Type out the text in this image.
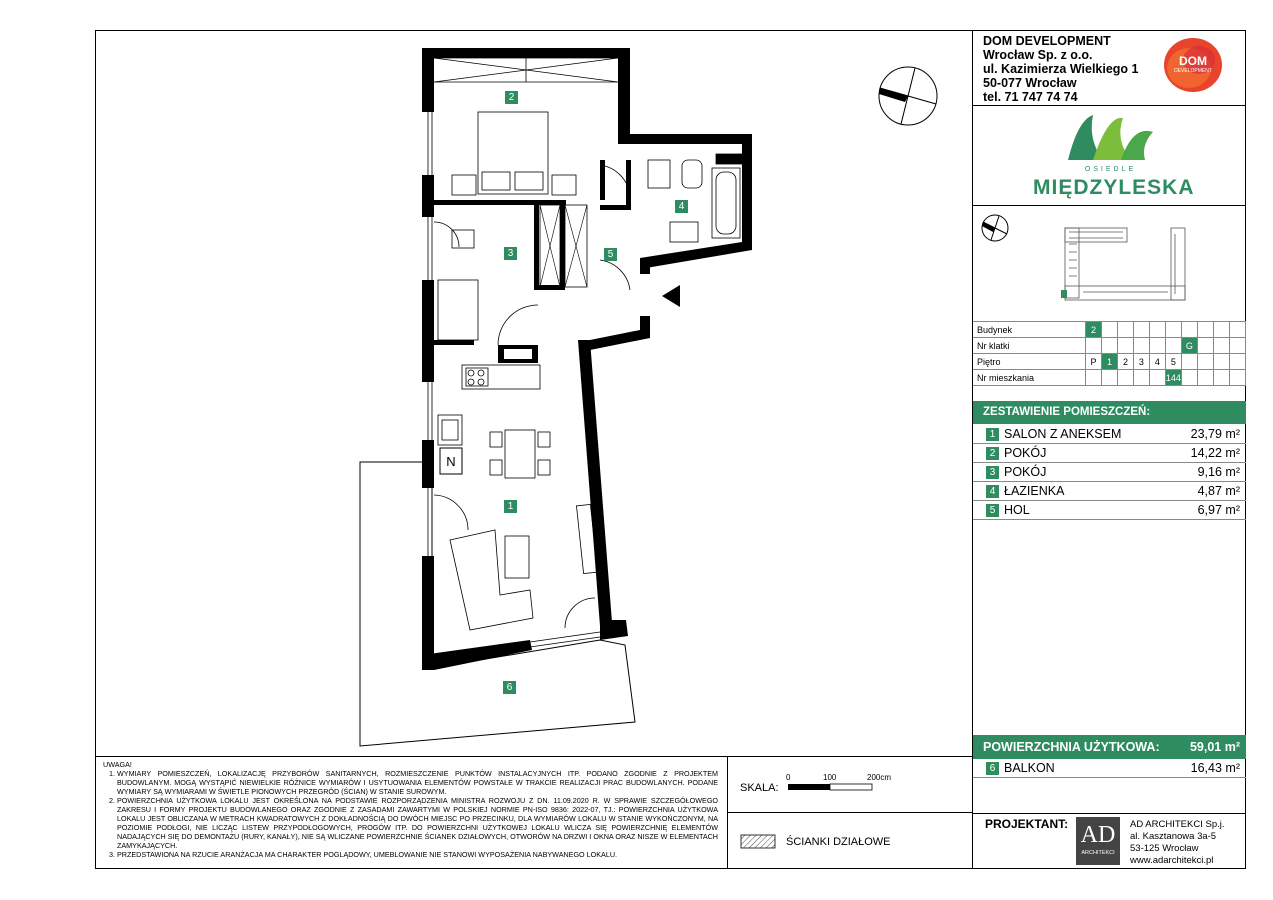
N
2
3
4
5
1
6
DOM DEVELOPMENT
Wrocław Sp. z o.o.
ul. Kazimierza Wielkiego 1
50-077 Wrocław
tel. 71 747 74 74
DOM
DEVELOPMENT
OSIEDLE
MIĘDZYLESKA
Budynek	2									
Nr klatki							G			
Piętro	P	1	2	3	4	5				
Nr mieszkania						144				
ZESTAWIENIE POMIESZCZEŃ:
1 SALON Z ANEKSEM	23,79 m²
2 POKÓJ	14,22 m²
3 POKÓJ	9,16 m²
4 ŁAZIENKA	4,87 m²
5 HOL	6,97 m²
POWIERZCHNIA UŻYTKOWA: 59,01 m²
6 BALKON	16,43 m²
PROJEKTANT: AD
ARCHITEKCI
AD ARCHITEKCI Sp.j.
al. Kasztanowa 3a-5
53-125 Wrocław
www.adarchitekci.pl
UWAGA!
1. WYMIARY POMIESZCZEŃ, LOKALIZACJĘ PRZYBORÓW SANITARNYCH, ROZMIESZCZENIE PUNKTÓW INSTALACYJNYCH ITP. PODANO ZGODNIE Z PROJEKTEM BUDOWLANYM. MOGĄ WYSTĄPIĆ NIEWIELKIE RÓŻNICE WYMIARÓW I USYTUOWANIA ELEMENTÓW POWSTAŁE W TRAKCIE REALIZACJI PRAC BUDOWLANYCH. PODANE WYMIARY SĄ WYMIARAMI W ŚWIETLE PIONOWYCH PRZEGRÓD (ŚCIAN) W STANIE SUROWYM.
2. POWIERZCHNIA UŻYTKOWA LOKALU JEST OKREŚLONA NA PODSTAWIE ROZPORZĄDZENIA MINISTRA ROZWOJU Z DN. 11.09.2020 R. W SPRAWIE SZCZEGÓŁOWEGO ZAKRESU I FORMY PROJEKTU BUDOWLANEGO ORAZ ZGODNIE Z ZASADAMI ZAWARTYMI W POLSKIEJ NORMIE PN-ISO 9836: 2022-07, TJ.: POWIERZCHNIA UŻYTKOWA LOKALU JEST OBLICZANA W METRACH KWADRATOWYCH Z DOKŁADNOŚCIĄ DO DWÓCH MIEJSC PO PRZECINKU, DLA WYMIARÓW LOKALU W STANIE WYKOŃCZONYM, NA POZIOMIE PODŁOGI, NIE LICZĄC LISTEW PRZYPODŁOGOWYCH, PROGÓW ITP. DO POWIERZCHNI UŻYTKOWEJ LOKALU WLICZA SIĘ POWIERZCHNIĘ ELEMENTÓW NADAJĄCYCH SIĘ DO DEMONTAŻU (RURY, KANAŁY), NIE SĄ WLICZANE POWIERZCHNIE ŚCIANEK DZIAŁOWYCH, OTWORÓW NA DRZWI I OKNA ORAZ NISZE W ELEMENTACH ZAMYKAJĄCYCH.
3. PRZEDSTAWIONA NA RZUCIE ARANŻACJA MA CHARAKTER POGLĄDOWY, UMEBLOWANIE NIE STANOWI WYPOSAŻENIA NABYWANEGO LOKALU.
SKALA:
0	100	200cm
ŚCIANKI DZIAŁOWE
